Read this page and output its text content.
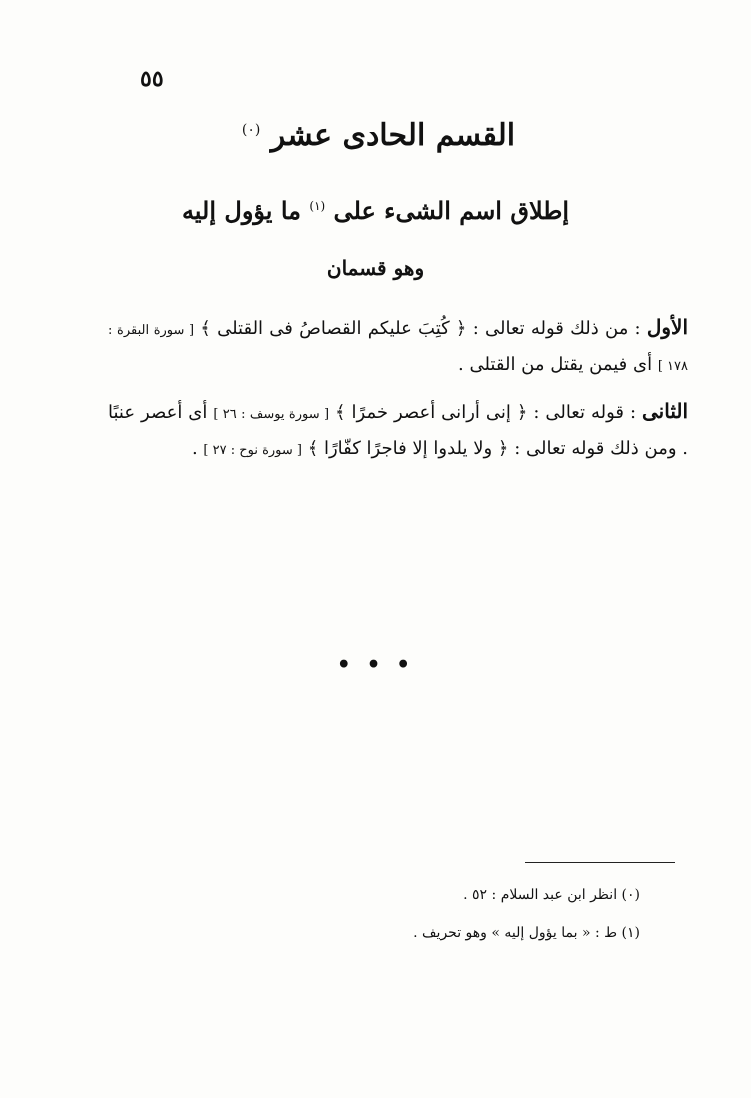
٥٥
القسم الحادى عشر $^{(٠)}$
إطلاق اسم الشىء على $^{(١)}$ ما يؤول إليه
وهو قسمان
الأول : من ذلك قوله تعالى : ﴿ كُتِبَ عليكم القصاصُ فى القتلى ﴾ [ سورة البقرة : ١٧٨ ] أى فيمن يقتل من القتلى .
الثانى : قوله تعالى : ﴿ إنى أرانى أعصر خمرًا ﴾ [ سورة يوسف : ٢٦ ] أى أعصر عنبًا . ومن ذلك قوله تعالى : ﴿ ولا يلدوا إلا فاجرًا كفّارًا ﴾ [ سورة نوح : ٢٧ ] .
• • •
(٠) انظر ابن عبد السلام : ٥٢ .
(١) ط : « بما يؤول إليه » وهو تحريف .
